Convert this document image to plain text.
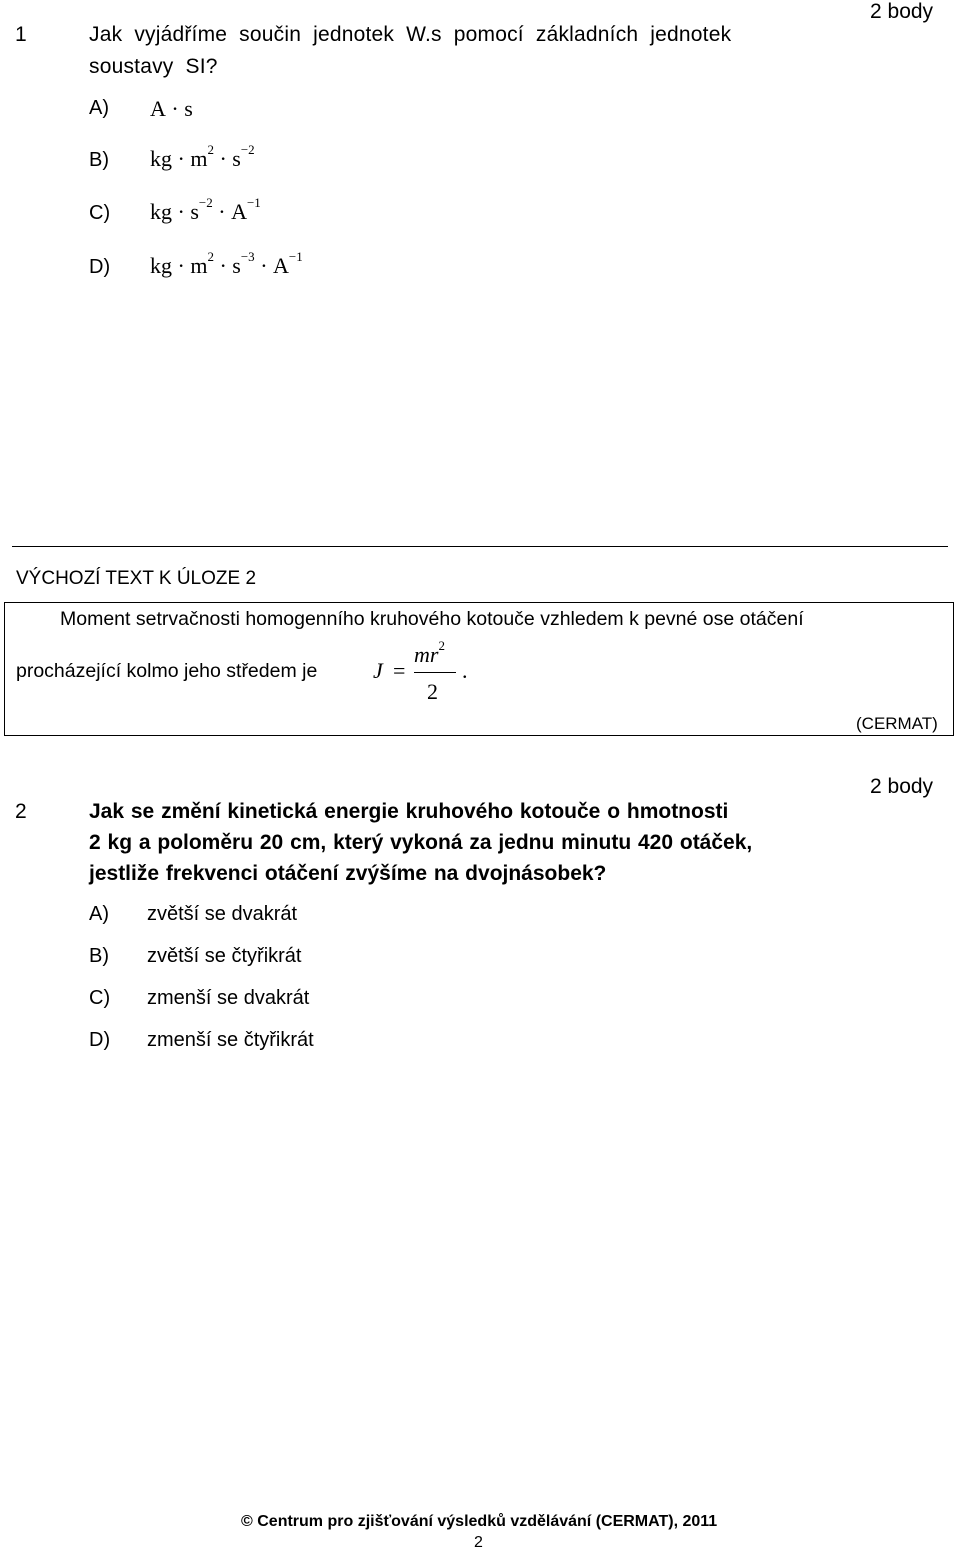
2 body
1	Jak vyjádříme součin jednotek W.s pomocí základních jednotek
soustavy SI?
A) A · s
B) kg · $m^2 \cdot s^{-2}$
C) kg · $s^{-2} \cdot A^{-1}$
D) kg · $m^2 \cdot s^{-3} \cdot A^{-1}$
VÝCHOZÍ TEXT K ÚLOZE 2
Moment setrvačnosti homogenního kruhového kotouče vzhledem k pevné ose otáčení
procházející kolmo jeho středem je	J =
$mr^2$
2
.
(CERMAT)
2 body
2	Jak se změní kinetická energie kruhového kotouče o hmotnosti
2 kg a poloměru 20 cm, který vykoná za jednu minutu 420 otáček,
jestliže frekvenci otáčení zvýšíme na dvojnásobek?
A) zvětší se dvakrát
B) zvětší se čtyřikrát
C) zmenší se dvakrát
D) zmenší se čtyřikrát
© Centrum pro zjišťování výsledků vzdělávání (CERMAT), 2011
2
